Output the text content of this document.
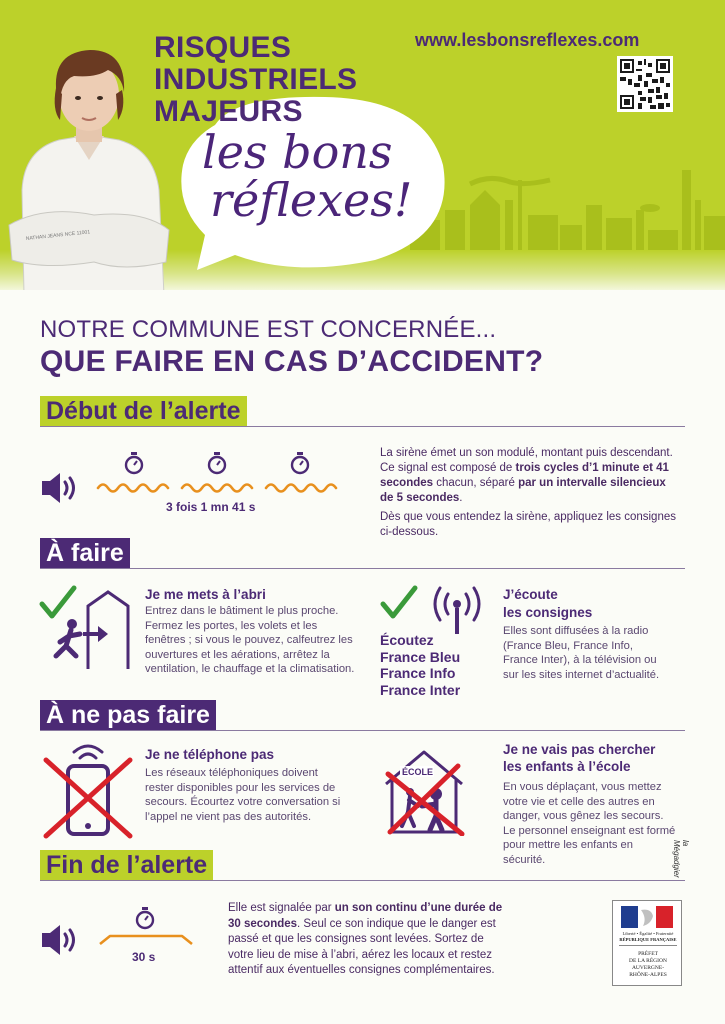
NATHAN JEANS NCE 11001
RISQUES
INDUSTRIELS
MAJEURS
les bons
réflexes!
www.lesbonsreflexes.com
NOTRE COMMUNE EST CONCERNÉE...
QUE FAIRE EN CAS D’ACCIDENT?
Début de l’alerte
3 fois 1 mn 41 s
La sirène émet un son modulé, montant puis descendant. Ce signal est composé de trois cycles d’1 minute et 41 secondes chacun, séparé par un intervalle silencieux de 5 secondes.
Dès que vous entendez la sirène, appliquez les consignes ci-dessous.
À faire
Je me mets à l’abri
Entrez dans le bâtiment le plus proche. Fermez les portes, les volets et les fenêtres ; si vous le pouvez, calfeutrez les ouvertures et les aérations, arrêtez la ventilation, le chauffage et la climatisation.
Écoutez
France Bleu
France Info
France Inter
J’écoute
les consignes
Elles sont diffusées à la radio (France Bleu, France Info, France Inter), à la télévision ou sur les sites internet d’actualité.
À ne pas faire
Je ne téléphone pas
Les réseaux téléphoniques doivent rester disponibles pour les services de secours. Écourtez votre conversation si l’appel ne vient pas des autorités.
ÉCOLE
Je ne vais pas chercher
les enfants à l’école
En vous déplaçant, vous mettez votre vie et celle des autres en danger, vous gênez les secours. Le personnel enseignant est formé pour mettre les enfants en sécurité.
Fin de l’alerte
30 s
Elle est signalée par un son continu d’une durée de 30 secondes. Seul ce son indique que le danger est passé et que les consignes sont levées. Sortez de votre lieu de mise à l’abri, aérez les locaux et restez attentif aux éventuelles consignes complémentaires.
Liberté • Égalité • Fraternité
RÉPUBLIQUE FRANÇAISE
PRÉFET
DE LA RÉGION
AUVERGNE-
RHÔNE-ALPES
la Mégadgier
